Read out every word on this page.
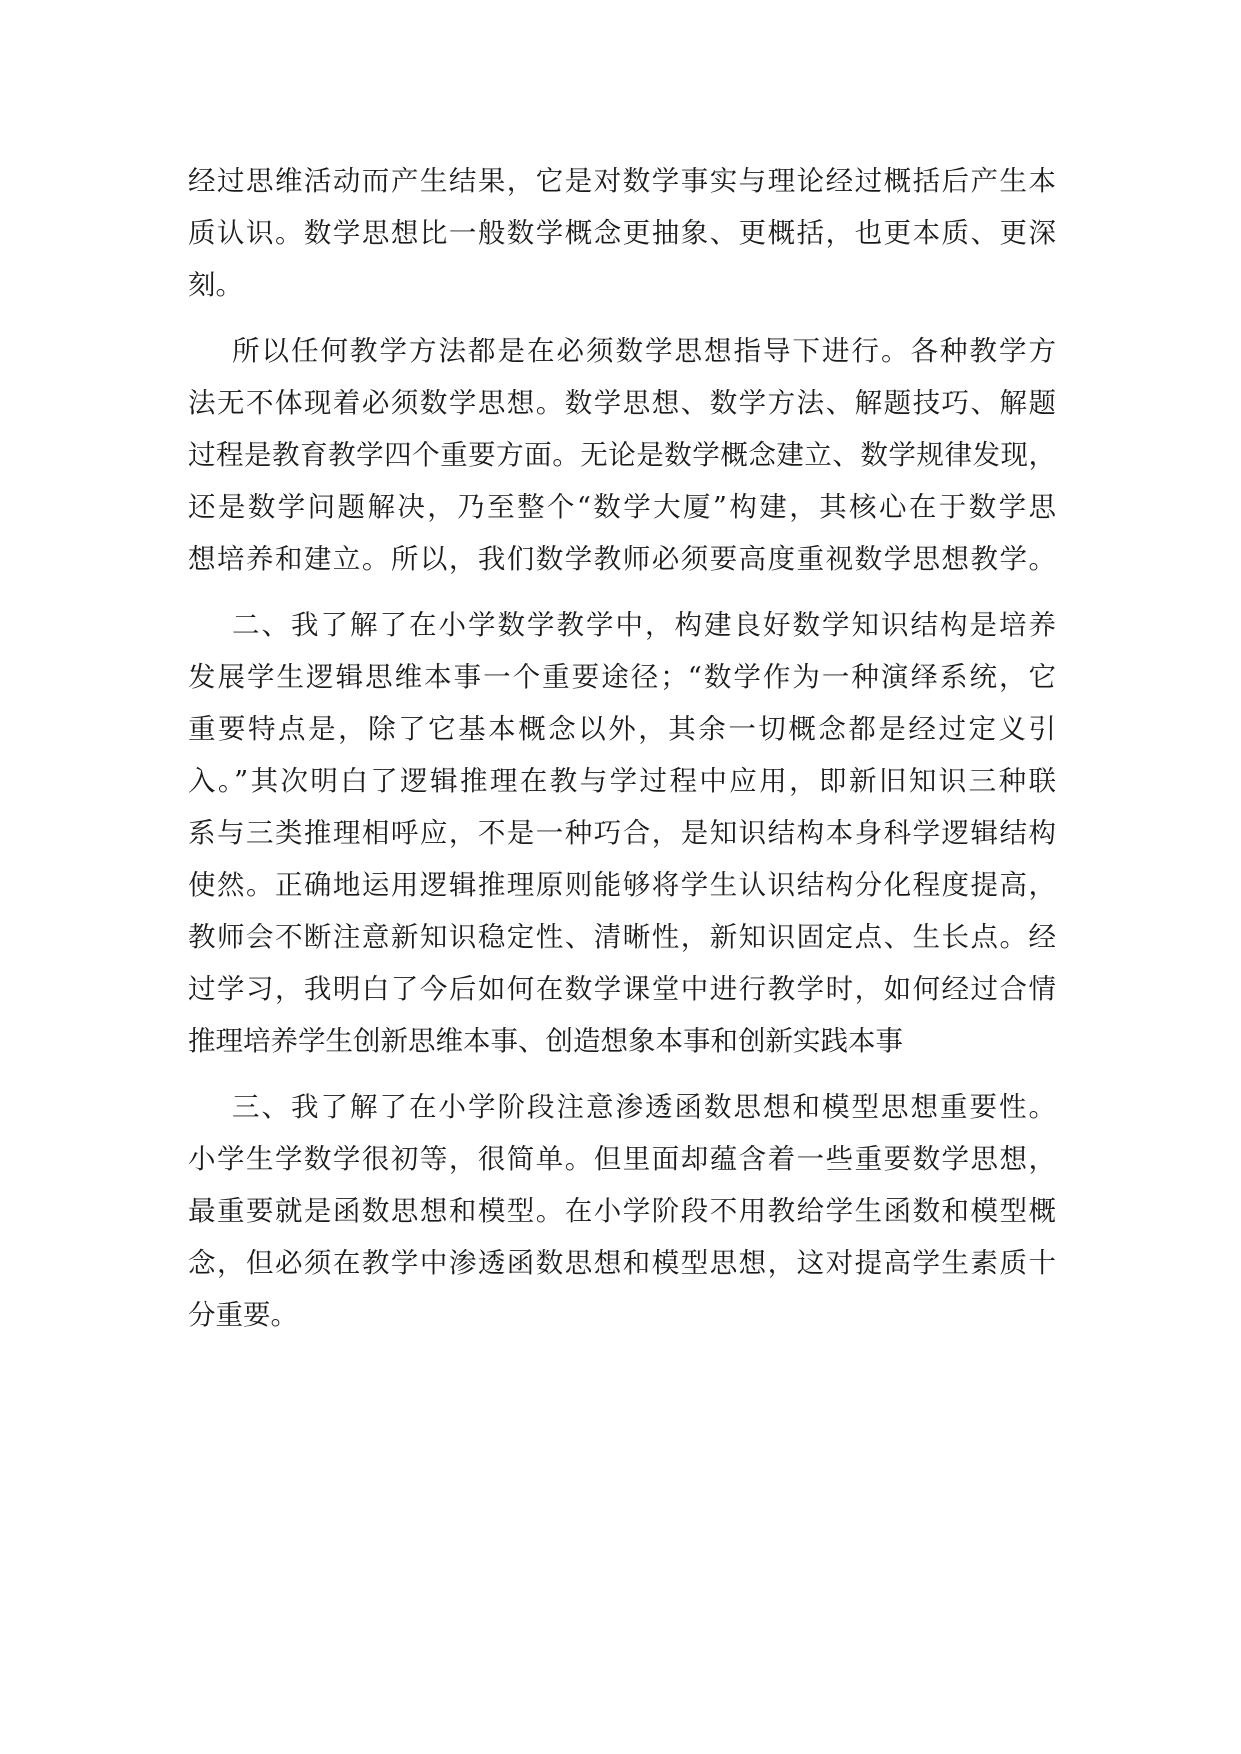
经过思维活动而产生结果，它是对数学事实与理论经过概括后产生本
质认识。数学思想比一般数学概念更抽象、更概括，也更本质、更深
刻。
所以任何教学方法都是在必须数学思想指导下进行。各种教学方
法无不体现着必须数学思想。数学思想、数学方法、解题技巧、解题
过程是教育教学四个重要方面。无论是数学概念建立、数学规律发现，
还是数学问题解决，乃至整个“数学大厦”构建，其核心在于数学思
想培养和建立。所以，我们数学教师必须要高度重视数学思想教学。
二、我了解了在小学数学教学中，构建良好数学知识结构是培养
发展学生逻辑思维本事一个重要途径；“数学作为一种演绎系统，它
重要特点是，除了它基本概念以外，其余一切概念都是经过定义引
入。”其次明白了逻辑推理在教与学过程中应用，即新旧知识三种联
系与三类推理相呼应，不是一种巧合，是知识结构本身科学逻辑结构
使然。正确地运用逻辑推理原则能够将学生认识结构分化程度提高，
教师会不断注意新知识稳定性、清晰性，新知识固定点、生长点。经
过学习，我明白了今后如何在数学课堂中进行教学时，如何经过合情
推理培养学生创新思维本事、创造想象本事和创新实践本事
三、我了解了在小学阶段注意渗透函数思想和模型思想重要性。
小学生学数学很初等，很简单。但里面却蕴含着一些重要数学思想，
最重要就是函数思想和模型。在小学阶段不用教给学生函数和模型概
念，但必须在教学中渗透函数思想和模型思想，这对提高学生素质十
分重要。
